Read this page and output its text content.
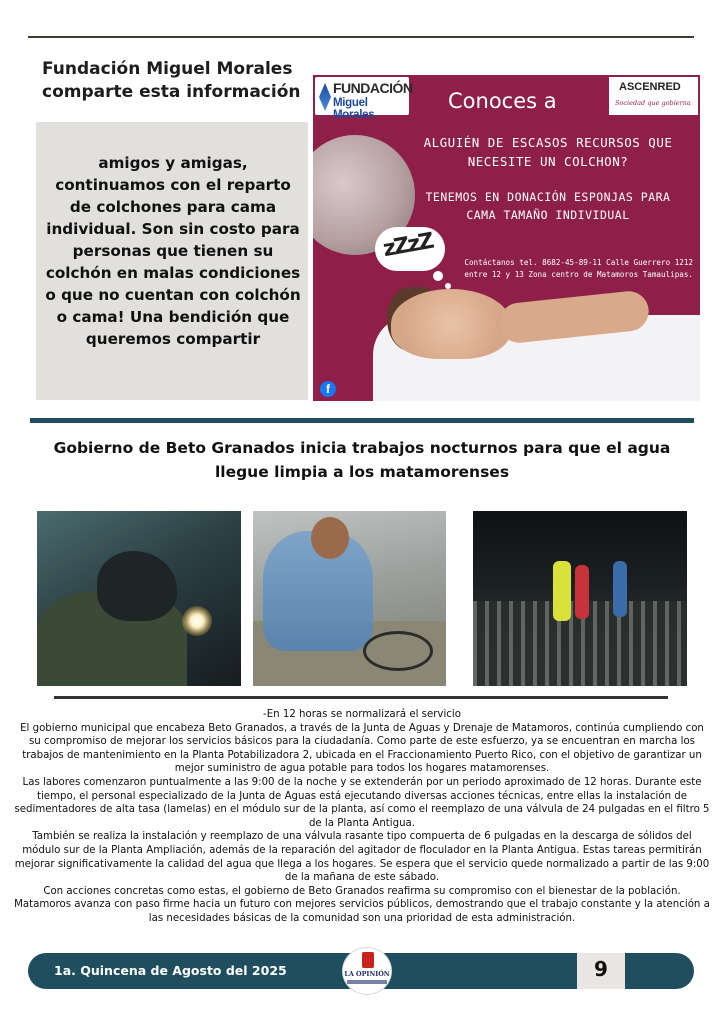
Fundación Miguel Morales comparte esta información

amigos y amigas, continuamos con el reparto de colchones para cama individual. Son sin costo para personas que tienen su colchón en malas condiciones o que no cuentan con colchón o cama! Una bendición que queremos compartir

FUNDACIÓN
Miguel Morales
ASCENRED
Sociedad que gobierna
Conoces a
ALGUIÉN DE ESCASOS RECURSOS QUE NECESITE UN COLCHON?
TENEMOS EN DONACIÓN ESPONJAS PARA CAMA TAMAÑO INDIVIDUAL
Contáctanos tel. 8682-45-89-11 Calle Guerrero 1212 entre 12 y 13 Zona centro de Matamoros Tamaulipas.
zZzZ
f
Gobierno de Beto Granados inicia trabajos nocturnos para que el agua llegue limpia a los matamorenses

-En 12 horas se normalizará el servicio

El gobierno municipal que encabeza Beto Granados, a través de la Junta de Aguas y Drenaje de Matamoros, continúa cumpliendo con su compromiso de mejorar los servicios básicos para la ciudadanía. Como parte de este esfuerzo, ya se encuentran en marcha los trabajos de mantenimiento en la Planta Potabilizadora 2, ubicada en el Fraccionamiento Puerto Rico, con el objetivo de garantizar un mejor suministro de agua potable para todos los hogares matamorenses.

Las labores comenzaron puntualmente a las 9:00 de la noche y se extenderán por un periodo aproximado de 12 horas. Durante este tiempo, el personal especializado de la Junta de Aguas está ejecutando diversas acciones técnicas, entre ellas la instalación de sedimentadores de alta tasa (lamelas) en el módulo sur de la planta, así como el reemplazo de una válvula de 24 pulgadas en el filtro 5 de la Planta Antigua.

También se realiza la instalación y reemplazo de una válvula rasante tipo compuerta de 6 pulgadas en la descarga de sólidos del módulo sur de la Planta Ampliación, además de la reparación del agitador de floculador en la Planta Antigua. Estas tareas permitirán mejorar significativamente la calidad del agua que llega a los hogares. Se espera que el servicio quede normalizado a partir de las 9:00 de la mañana de este sábado.

Con acciones concretas como estas, el gobierno de Beto Granados reafirma su compromiso con el bienestar de la población. Matamoros avanza con paso firme hacia un futuro con mejores servicios públicos, demostrando que el trabajo constante y la atención a las necesidades básicas de la comunidad son una prioridad de esta administración.

1a. Quincena de Agosto del 2025	LA OPINIÓN	9
